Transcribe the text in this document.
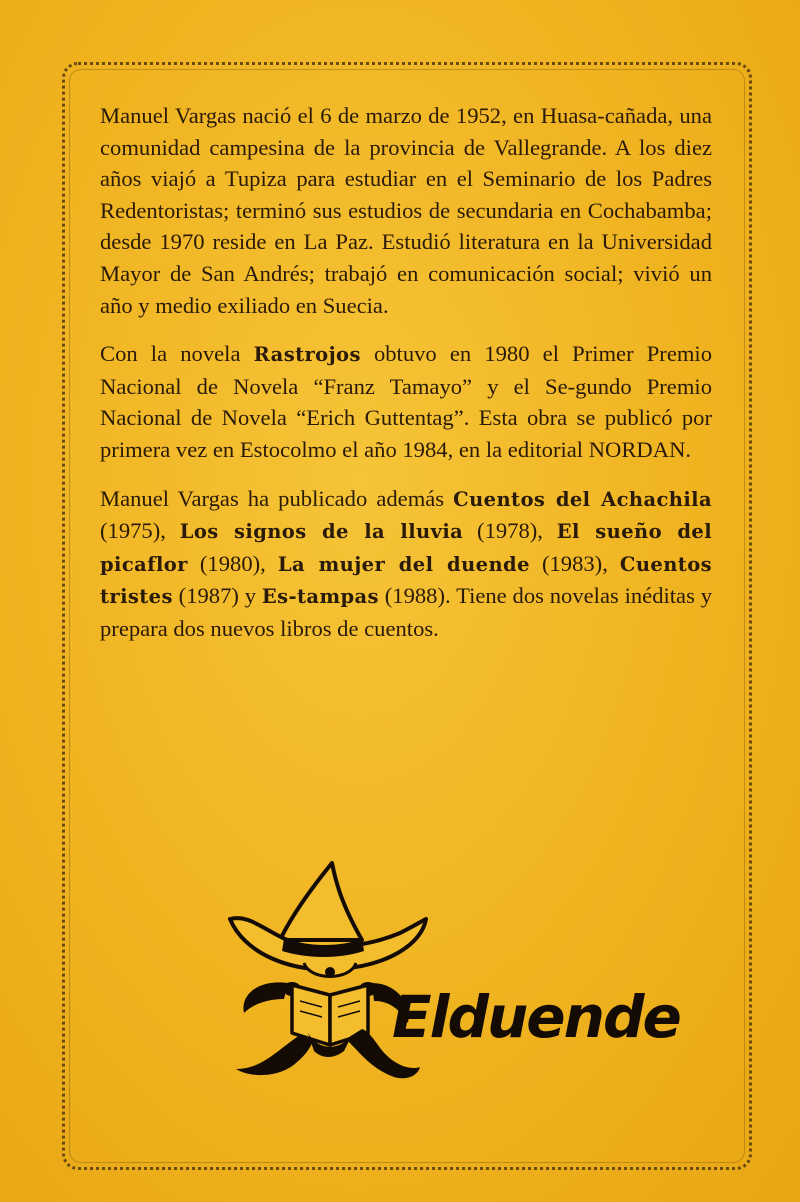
Manuel Vargas nació el 6 de marzo de 1952, en Huasa-cañada, una comunidad campesina de la provincia de Vallegrande. A los diez años viajó a Tupiza para estudiar en el Seminario de los Padres Redentoristas; terminó sus estudios de secundaria en Cochabamba; desde 1970 reside en La Paz. Estudió literatura en la Universidad Mayor de San Andrés; trabajó en comunicación social; vivió un año y medio exiliado en Suecia.

Con la novela Rastrojos obtuvo en 1980 el Primer Premio Nacional de Novela “Franz Tamayo” y el Se-gundo Premio Nacional de Novela “Erich Guttentag”. Esta obra se publicó por primera vez en Estocolmo el año 1984, en la editorial NORDAN.

Manuel Vargas ha publicado además Cuentos del Achachila (1975), Los signos de la lluvia (1978), El sueño del picaflor (1980), La mujer del duende (1983), Cuentos tristes (1987) y Es-tampas (1988). Tiene dos novelas inéditas y prepara dos nuevos libros de cuentos.

Elduende
